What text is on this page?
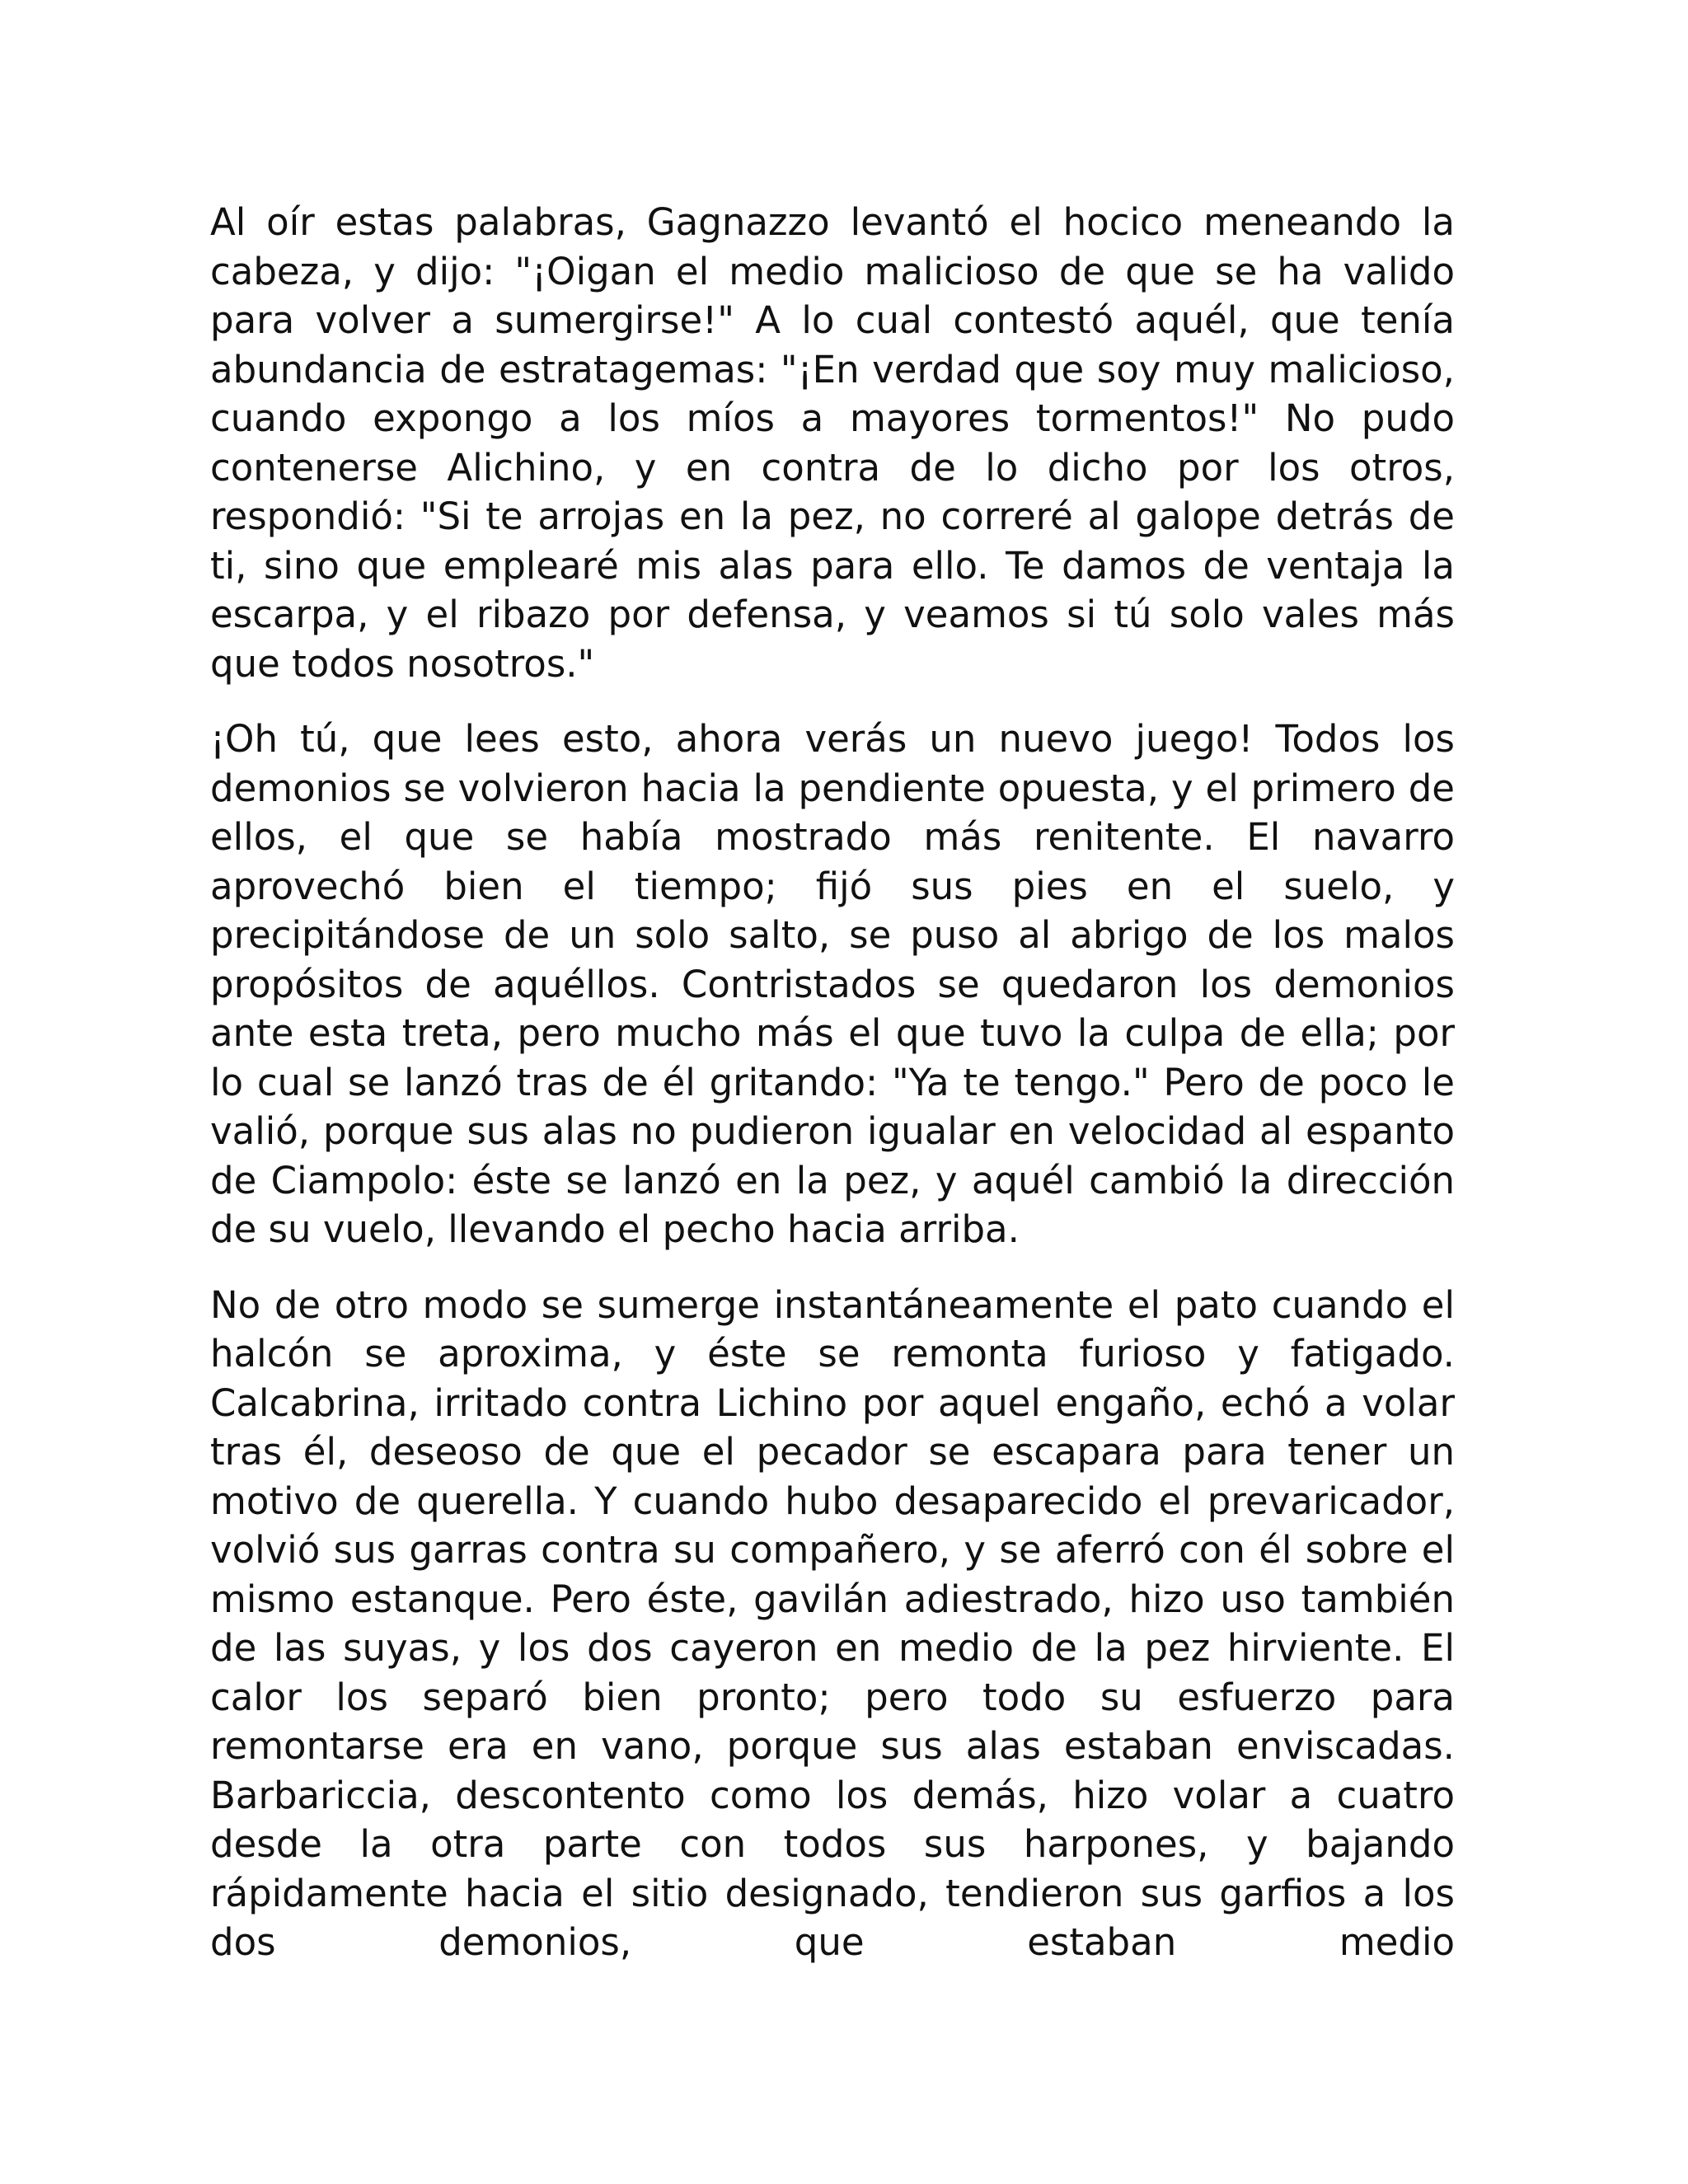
Al oír estas palabras, Gagnazzo levantó el hocico meneando la cabeza, y dijo: "¡Oigan el medio malicioso de que se ha valido para volver a sumergirse!" A lo cual contestó aquél, que tenía abundancia de estratagemas: "¡En verdad que soy muy malicioso, cuando expongo a los míos a mayores tormentos!" No pudo contenerse Alichino, y en contra de lo dicho por los otros, respondió: "Si te arrojas en la pez, no correré al galope detrás de ti, sino que emplearé mis alas para ello. Te damos de ventaja la escarpa, y el ribazo por defensa, y veamos si tú solo vales más que todos nosotros."

¡Oh tú, que lees esto, ahora verás un nuevo juego! Todos los demonios se volvieron hacia la pendiente opuesta, y el primero de ellos, el que se había mostrado más renitente. El navarro aprovechó bien el tiempo; fijó sus pies en el suelo, y precipitándose de un solo salto, se puso al abrigo de los malos propósitos de aquéllos. Contristados se quedaron los demonios ante esta treta, pero mucho más el que tuvo la culpa de ella; por lo cual se lanzó tras de él gritando: "Ya te tengo." Pero de poco le valió, porque sus alas no pudieron igualar en velocidad al espanto de Ciampolo: éste se lanzó en la pez, y aquél cambió la dirección de su vuelo, llevando el pecho hacia arriba.

No de otro modo se sumerge instantáneamente el pato cuando el halcón se aproxima, y éste se remonta furioso y fatigado. Calcabrina, irritado contra Lichino por aquel engaño, echó a volar tras él, deseoso de que el pecador se escapara para tener un motivo de querella. Y cuando hubo desaparecido el prevaricador, volvió sus garras contra su compañero, y se aferró con él sobre el mismo estanque. Pero éste, gavilán adiestrado, hizo uso también de las suyas, y los dos cayeron en medio de la pez hirviente. El calor los separó bien pronto; pero todo su esfuerzo para remontarse era en vano, porque sus alas estaban enviscadas. Barbariccia, descontento como los demás, hizo volar a cuatro desde la otra parte con todos sus harpones, y bajando rápidamente hacia el sitio designado, tendieron sus garfios a los dos demonios, que estaban medio
